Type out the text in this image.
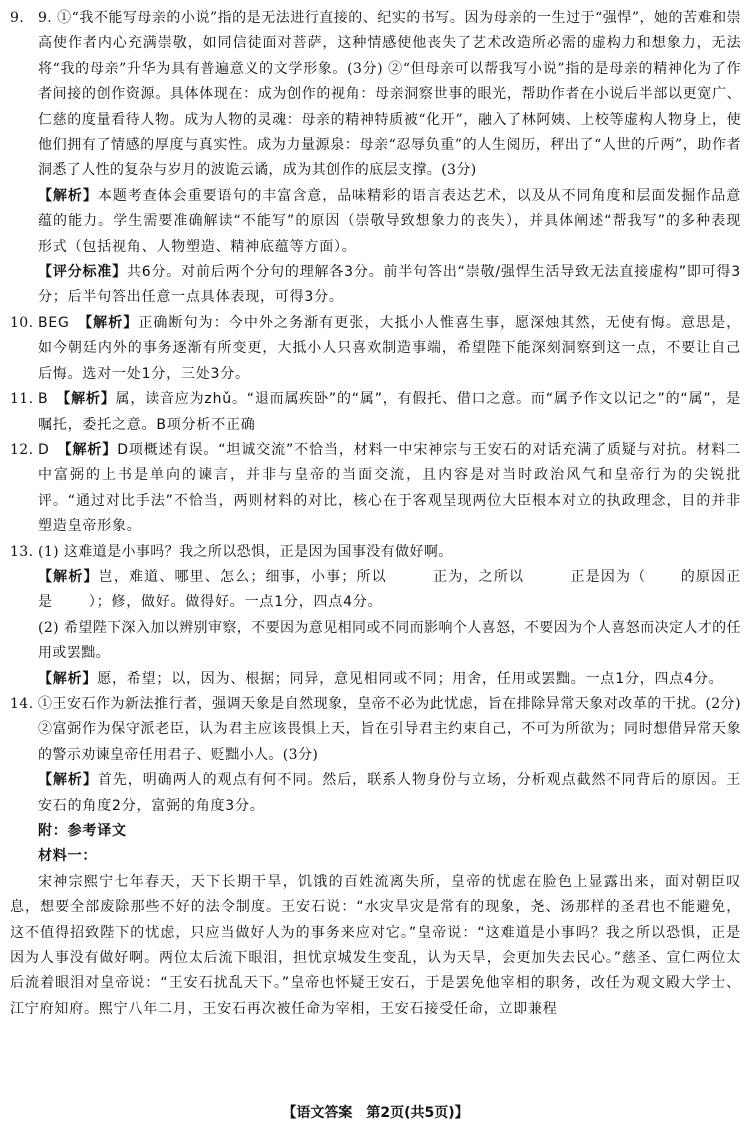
9. 9. ①“我不能写母亲的小说”指的是无法进行直接的、纪实的书写。因为母亲的一生过于“强悍”，她的苦难和崇高使作者内心充满崇敬，如同信徒面对菩萨，这种情感使他丧失了艺术改造所必需的虚构力和想象力，无法将“我的母亲”升华为具有普遍意义的文学形象。(3分) ②“但母亲可以帮我写小说”指的是母亲的精神化为了作者间接的创作资源。具体体现在：成为创作的视角：母亲洞察世事的眼光，帮助作者在小说后半部以更宽广、仁慈的度量看待人物。成为人物的灵魂：母亲的精神特质被“化开”，融入了林阿姨、上校等虚构人物身上，使他们拥有了情感的厚度与真实性。成为力量源泉：母亲“忍辱负重”的人生阅历，秤出了“人世的斤两”，助作者洞悉了人性的复杂与岁月的波诡云谲，成为其创作的底层支撑。(3分)
【解析】本题考查体会重要语句的丰富含意，品味精彩的语言表达艺术，以及从不同角度和层面发掘作品意蕴的能力。学生需要准确解读“不能写”的原因（崇敬导致想象力的丧失），并具体阐述“帮我写”的多种表现形式（包括视角、人物塑造、精神底蕴等方面）。
【评分标准】共6分。对前后两个分句的理解各3分。前半句答出“崇敬/强悍生活导致无法直接虚构”即可得3分；后半句答出任意一点具体表现，可得3分。
10. BEG　 【解析】正确断句为：今中外之务渐有更张，大抵小人惟喜生事，愿深烛其然，无使有悔。意思是，如今朝廷内外的事务逐渐有所变更，大抵小人只喜欢制造事端，希望陛下能深刻洞察到这一点，不要让自己后悔。选对一处1分，三处3分。
11. B　 【解析】属，读音应为zhǔ。“退而属疾卧”的“属”，有假托、借口之意。而“属予作文以记之”的“属”，是嘱托，委托之意。B项分析不正确
12. D　 【解析】D项概述有误。“坦诚交流”不恰当，材料一中宋神宗与王安石的对话充满了质疑与对抗。材料二中富弼的上书是单向的谏言，并非与皇帝的当面交流，且内容是对当时政治风气和皇帝行为的尖锐批评。“通过对比手法”不恰当，两则材料的对比，核心在于客观呈现两位大臣根本对立的执政理念，目的并非塑造皇帝形象。
13. (1) 这难道是小事吗？我之所以恐惧，正是因为国事没有做好啊。
【解析】岂，难道、哪里、怎么；细事，小事；所以	正为，之所以	正是因为（ 的原因正是	）；修，做好。做得好。一点1分，四点4分。
(2) 希望陛下深入加以辨别审察，不要因为意见相同或不同而影响个人喜怒，不要因为个人喜怒而决定人才的任用或罢黜。
【解析】愿，希望；以，因为、根据；同异，意见相同或不同；用舍，任用或罢黜。一点1分，四点4分。
14. ①王安石作为新法推行者，强调天象是自然现象，皇帝不必为此忧虑，旨在排除异常天象对改革的干扰。(2分) ②富弼作为保守派老臣，认为君主应该畏惧上天，旨在引导君主约束自己，不可为所欲为；同时想借异常天象的警示劝谏皇帝任用君子、贬黜小人。(3分)
【解析】首先，明确两人的观点有何不同。然后，联系人物身份与立场，分析观点截然不同背后的原因。王安石的角度2分，富弼的角度3分。
附：参考译文
材料一：
宋神宗熙宁七年春天，天下长期干旱，饥饿的百姓流离失所，皇帝的忧虑在脸色上显露出来，面对朝臣叹息，想要全部废除那些不好的法令制度。王安石说：“水灾旱灾是常有的现象，尧、汤那样的圣君也不能避免，这不值得招致陛下的忧虑，只应当做好人为的事务来应对它。”皇帝说：“这难道是小事吗？我之所以恐惧，正是因为人事没有做好啊。两位太后流下眼泪，担忧京城发生变乱，认为天旱，会更加失去民心。”慈圣、宣仁两位太后流着眼泪对皇帝说：“王安石扰乱天下。”皇帝也怀疑王安石，于是罢免他宰相的职务，改任为观文殿大学士、江宁府知府。熙宁八年二月，王安石再次被任命为宰相，王安石接受任命，立即兼程
【语文答案　第2页(共5页)】
